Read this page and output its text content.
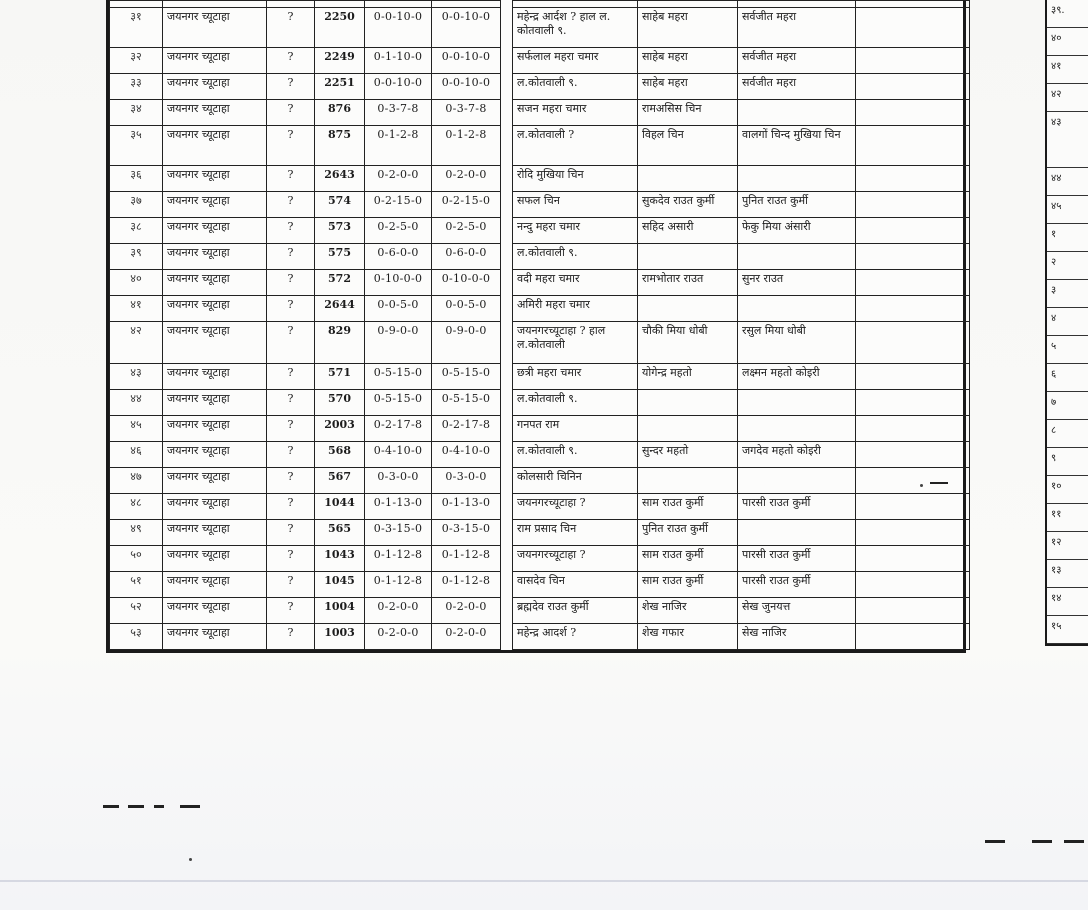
३१	जयनगर च्यूटाहा	?	2250	0-0-10-0	0-0-10-0		महेन्द्र आर्दश ? हाल ल. कोतवाली ९.	साहेब महरा	सर्वजीत महरा	
३२	जयनगर च्यूटाहा	?	2249	0-1-10-0	0-0-10-0		सर्फलाल महरा चमार	साहेब महरा	सर्वजीत महरा	
३३	जयनगर च्यूटाहा	?	2251	0-0-10-0	0-0-10-0		ल.कोतवाली ९.	साहेब महरा	सर्वजीत महरा	
३४	जयनगर च्यूटाहा	?	876	0-3-7-8	0-3-7-8		सजन महरा चमार	रामअसिस चिन		
३५	जयनगर च्यूटाहा	?	875	0-1-2-8	0-1-2-8		ल.कोतवाली ?	विहल चिन	वालगों चिन्द मुखिया चिन	
३६	जयनगर च्यूटाहा	?	2643	0-2-0-0	0-2-0-0		रोदि मुखिया चिन			
३७	जयनगर च्यूटाहा	?	574	0-2-15-0	0-2-15-0		सफल चिन	सुकदेव राउत कुर्मी	पुनित राउत कुर्मी	
३८	जयनगर च्यूटाहा	?	573	0-2-5-0	0-2-5-0		नन्दु महरा चमार	सहिद असारी	फेकु मिया अंसारी	
३९	जयनगर च्यूटाहा	?	575	0-6-0-0	0-6-0-0		ल.कोतवाली ९.			
४०	जयनगर च्यूटाहा	?	572	0-10-0-0	0-10-0-0		वदी महरा चमार	रामभोतार राउत	सुनर राउत	
४१	जयनगर च्यूटाहा	?	2644	0-0-5-0	0-0-5-0		अमिरी महरा चमार			
४२	जयनगर च्यूटाहा	?	829	0-9-0-0	0-9-0-0		जयनगरच्यूटाहा ? हाल ल.कोतवाली	चौकी मिया धोबी	रसुल मिया धोबी	
४३	जयनगर च्यूटाहा	?	571	0-5-15-0	0-5-15-0		छत्री महरा चमार	योगेन्द्र महतो	लक्ष्मन महतो कोइरी	
४४	जयनगर च्यूटाहा	?	570	0-5-15-0	0-5-15-0		ल.कोतवाली ९.			
४५	जयनगर च्यूटाहा	?	2003	0-2-17-8	0-2-17-8		गनपत राम			
४६	जयनगर च्यूटाहा	?	568	0-4-10-0	0-4-10-0		ल.कोतवाली ९.	सुन्दर महतो	जगदेव महतो कोइरी	
४७	जयनगर च्यूटाहा	?	567	0-3-0-0	0-3-0-0		कोलसारी चिनिन			
४८	जयनगर च्यूटाहा	?	1044	0-1-13-0	0-1-13-0		जयनगरच्यूटाहा ?	साम राउत कुर्मी	पारसी राउत कुर्मी	
४९	जयनगर च्यूटाहा	?	565	0-3-15-0	0-3-15-0		राम प्रसाद चिन	पुनित राउत कुर्मी		
५०	जयनगर च्यूटाहा	?	1043	0-1-12-8	0-1-12-8		जयनगरच्यूटाहा ?	साम राउत कुर्मी	पारसी राउत कुर्मी	
५१	जयनगर च्यूटाहा	?	1045	0-1-12-8	0-1-12-8		वासदेव चिन	साम राउत कुर्मी	पारसी राउत कुर्मी	
५२	जयनगर च्यूटाहा	?	1004	0-2-0-0	0-2-0-0		ब्रह्मदेव राउत कुर्मी	शेख नाजिर	सेख जुनयत्त	
५३	जयनगर च्यूटाहा	?	1003	0-2-0-0	0-2-0-0		महेन्द्र आदर्श ?	शेख गफार	सेख नाजिर	
३९.
४०
४१
४२
४३
४४
४५
१
२
३
४
५
६
७
८
९
१०
११
१२
१३
१४
१५
